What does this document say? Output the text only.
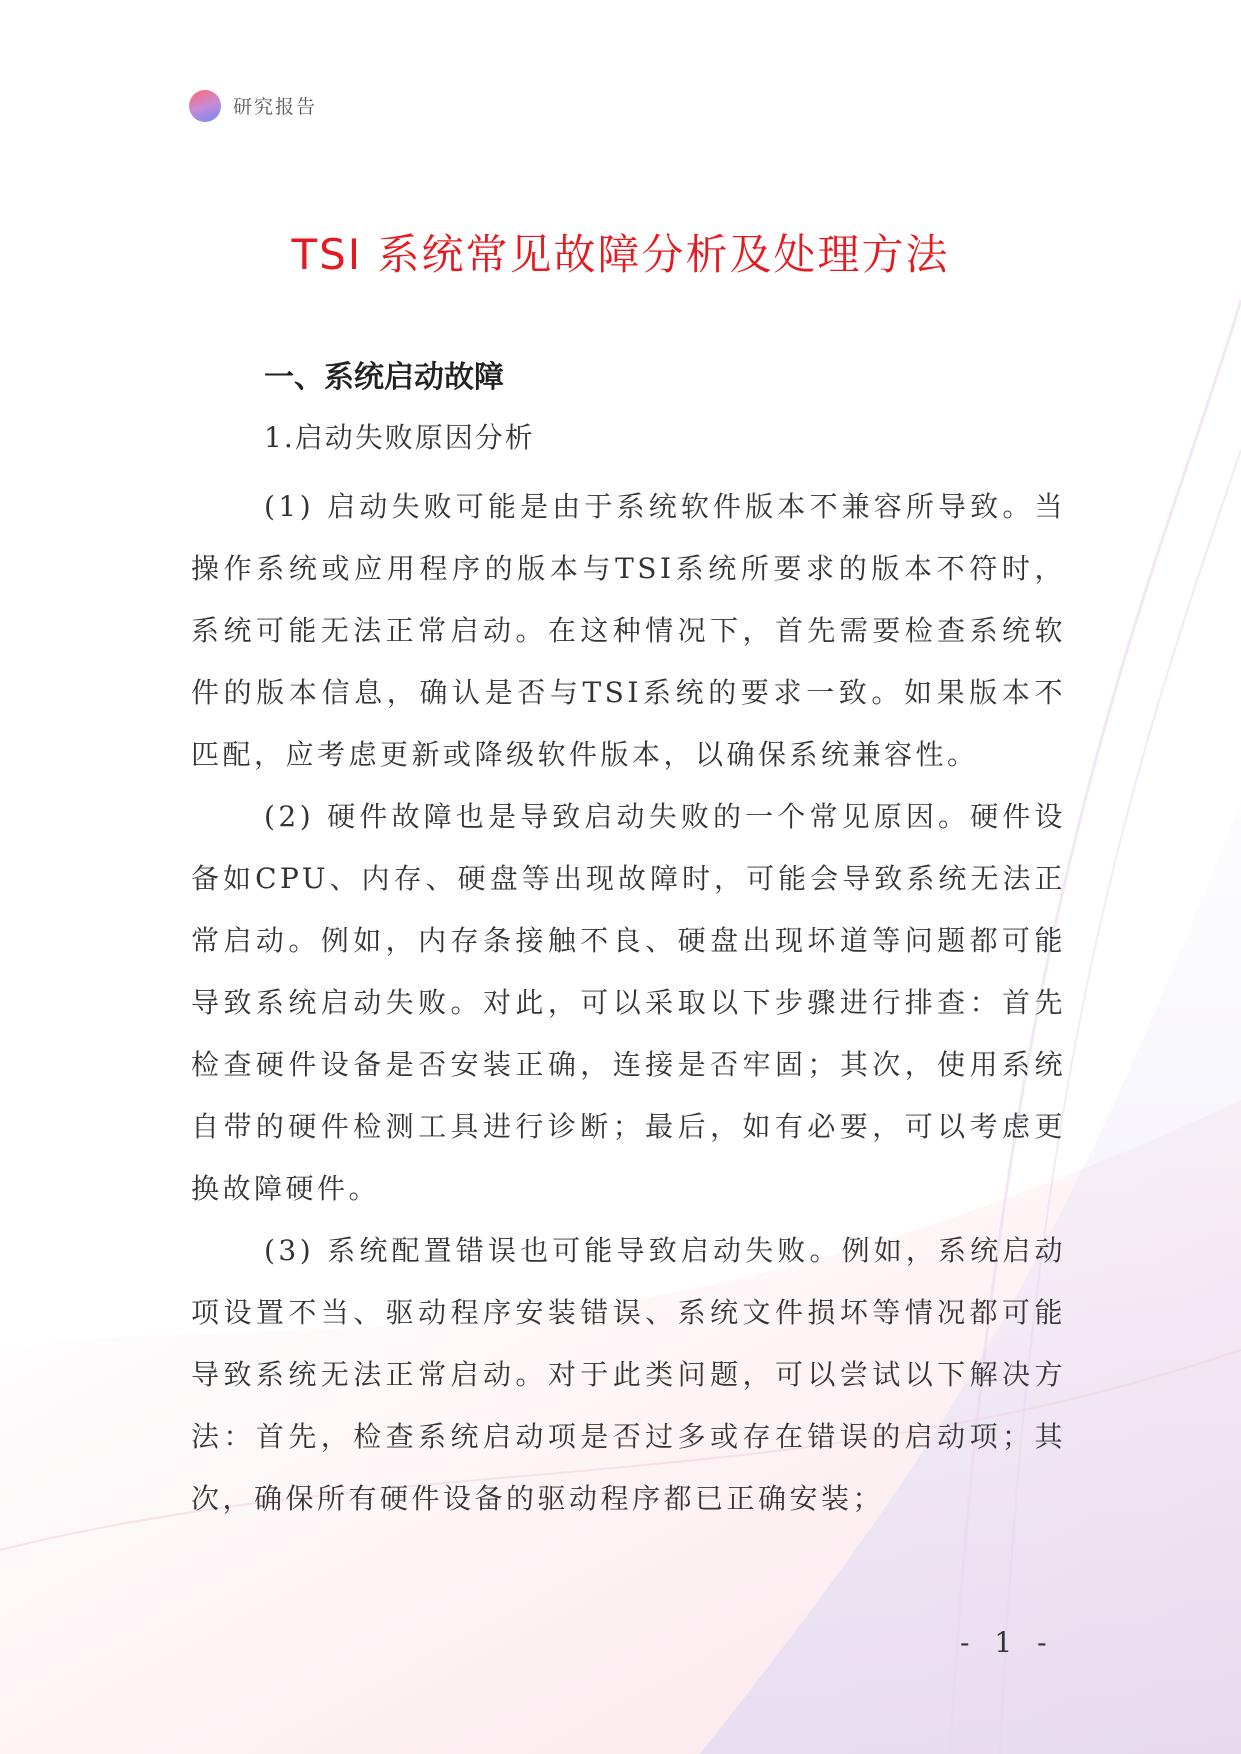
研究报告
TSI 系统常见故障分析及处理方法
一、系统启动故障
1.启动失败原因分析

(1) 启动失败可能是由于系统软件版本不兼容所导致。当操作系统或应用程序的版本与TSI系统所要求的版本不符时，系统可能无法正常启动。在这种情况下，首先需要检查系统软件的版本信息，确认是否与TSI系统的要求一致。如果版本不匹配，应考虑更新或降级软件版本，以确保系统兼容性。

(2) 硬件故障也是导致启动失败的一个常见原因。硬件设备如CPU、内存、硬盘等出现故障时，可能会导致系统无法正常启动。例如，内存条接触不良、硬盘出现坏道等问题都可能导致系统启动失败。对此，可以采取以下步骤进行排查：首先检查硬件设备是否安装正确，连接是否牢固；其次，使用系统自带的硬件检测工具进行诊断；最后，如有必要，可以考虑更换故障硬件。

(3) 系统配置错误也可能导致启动失败。例如，系统启动项设置不当、驱动程序安装错误、系统文件损坏等情况都可能导致系统无法正常启动。对于此类问题，可以尝试以下解决方法：首先，检查系统启动项是否过多或存在错误的启动项；其次，确保所有硬件设备的驱动程序都已正确安装；

- 1 -
